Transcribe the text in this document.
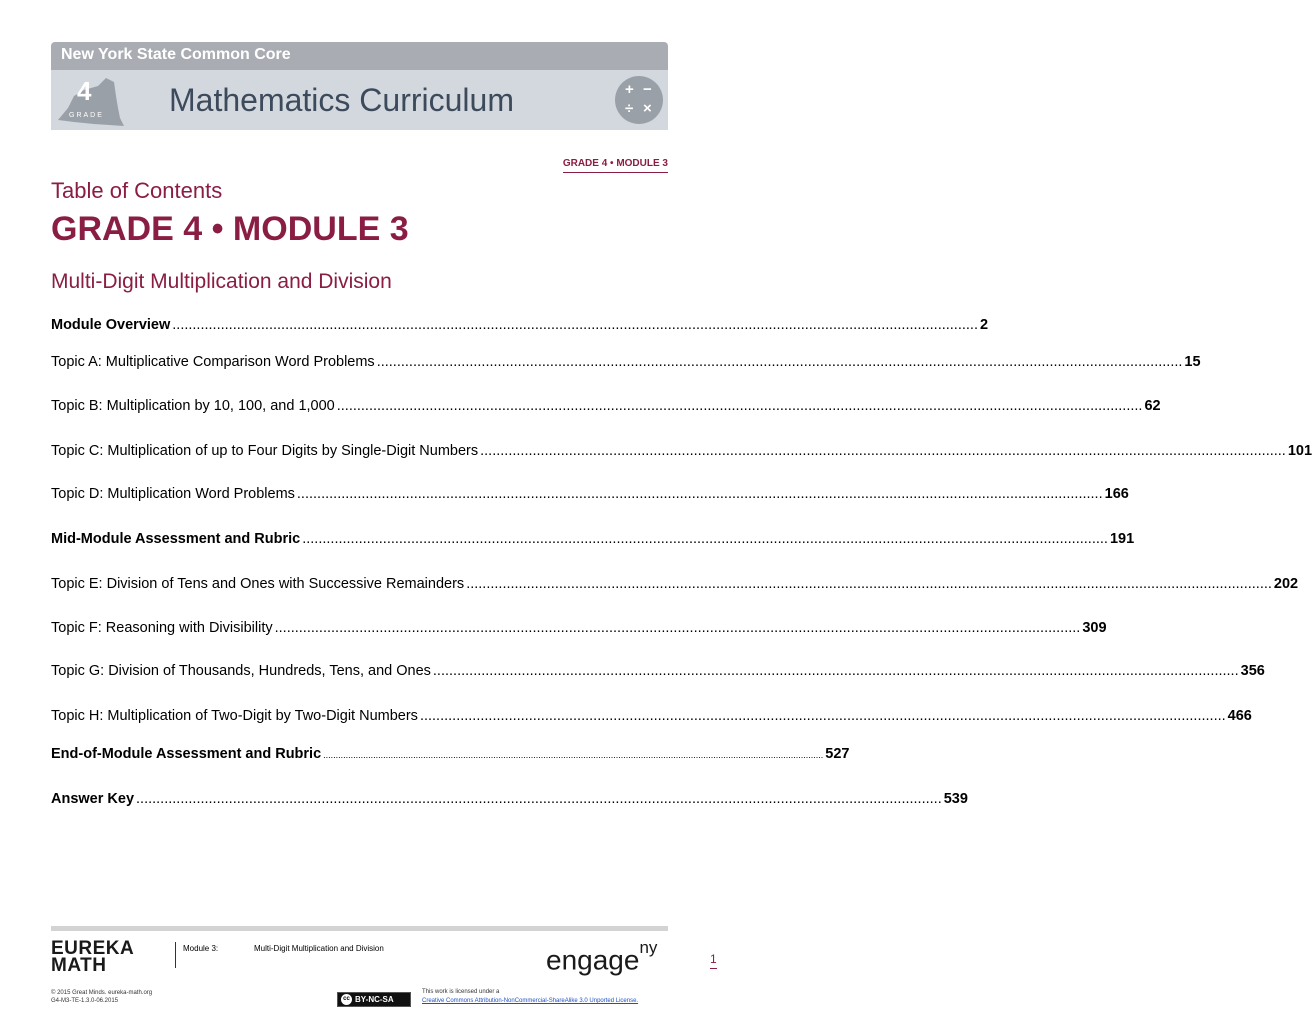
New York State Common Core
4
GRADE Mathematics Curriculum	+ −
÷ ×
GRADE 4 • MODULE 3
Table of Contents
GRADE 4 • MODULE 3
Multi-Digit Multiplication and Division
Module Overview ........................................................................................................................................................................................................ 2
Topic A: Multiplicative Comparison Word Problems ........................................................................................................................................................................................................ 15
Topic B: Multiplication by 10, 100, and 1,000 ........................................................................................................................................................................................................ 62
Topic C: Multiplication of up to Four Digits by Single-Digit Numbers ........................................................................................................................................................................................................ 101
Topic D: Multiplication Word Problems ........................................................................................................................................................................................................ 166
Mid-Module Assessment and Rubric ........................................................................................................................................................................................................ 191
Topic E: Division of Tens and Ones with Successive Remainders ........................................................................................................................................................................................................ 202
Topic F: Reasoning with Divisibility ........................................................................................................................................................................................................ 309
Topic G: Division of Thousands, Hundreds, Tens, and Ones ........................................................................................................................................................................................................ 356
Topic H: Multiplication of Two-Digit by Two-Digit Numbers ........................................................................................................................................................................................................ 466
End-of-Module Assessment and Rubric ........................................................................................................................................................................................................ 527
Answer Key ........................................................................................................................................................................................................ 539
EUREKA
MATH
Module 3:	Multi-Digit Multiplication and Division	engage$^{ny}$
1
© 2015 Great Minds. eureka-math.org
G4-M3-TE-1.3.0-06.2015	cc BY-NC-SA
This work is licensed under a
Creative Commons Attribution-NonCommercial-ShareAlike 3.0 Unported License.
